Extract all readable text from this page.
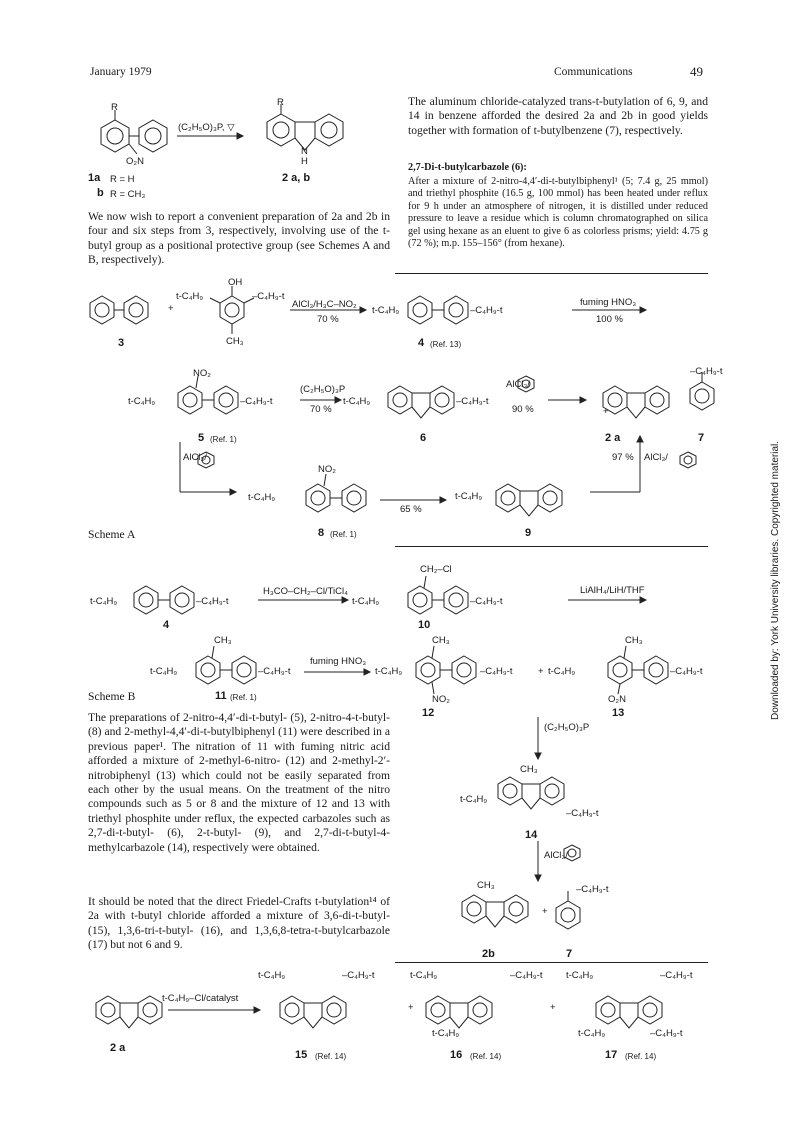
January 1979	Communications	49
R
O₂N
(C₂H₅O)₃P, ▽
R
N
H
1a R = H
b R = CH₃
2 a, b
We now wish to report a convenient preparation of 2a and 2b in four and six steps from 3, respectively, involving use of the t-butyl group as a positional protective group (see Schemes A and B, respectively).
The aluminum chloride-catalyzed trans-t-butylation of 6, 9, and 14 in benzene afforded the desired 2a and 2b in good yields together with formation of t-butylbenzene (7), respectively.
2,7-Di-t-butylcarbazole (6):
After a mixture of 2-nitro-4,4′-di-t-butylbiphenyl¹ (5; 7.4 g, 25 mmol) and triethyl phosphite (16.5 g, 100 mmol) has been heated under reflux for 9 h under an atmosphere of nitrogen, it is distilled under reduced pressure to leave a residue which is column chromatographed on silica gel using hexane as an eluent to give 6 as colorless prisms; yield: 4.75 g (72 %); m.p. 155–156° (from hexane).
+
t-C₄H₉	–C₄H₉-t
OH
CH₃
AlCl₃/H₃C–NO₂
70 %
t-C₄H₉	–C₄H₉-t
fuming HNO₃
100 %
3	4 (Ref. 13)
t-C₄H₉
NO₂
–C₄H₉-t
(C₂H₅O)₃P
70 %
t-C₄H₉	–C₄H₉-t
+
AlCl₃/
90 %
–C₄H₉-t
5 (Ref. 1)	6	2 a	7
AlCl₃/
t-C₄H₉
NO₂
65 %
t-C₄H₉
97 % AlCl₃/
8 (Ref. 1)	9
Scheme A
t-C₄H₉	–C₄H₉-t
H₃CO–CH₂–Cl/TiCl₄
t-C₄H₉
CH₂–Cl
–C₄H₉-t
LiAlH₄/LiH/THF
4	10
CH₃
t-C₄H₉	–C₄H₉-t
fuming HNO₃
t-C₄H₉
CH₃
NO₂
–C₄H₉-t	+ t-C₄H₉
CH₃
O₂N
–C₄H₉-t
Scheme B	11 (Ref. 1)
12	13
(C₂H₅O)₃P
CH₃
t-C₄H₉
–C₄H₉-t
14
AlCl₃/
CH₃	–C₄H₉-t
+
2b	7
The preparations of 2-nitro-4,4′-di-t-butyl- (5), 2-nitro-4-t-butyl- (8) and 2-methyl-4,4′-di-t-butylbiphenyl (11) were described in a previous paper¹. The nitration of 11 with fuming nitric acid afforded a mixture of 2-methyl-6-nitro- (12) and 2-methyl-2′-nitrobiphenyl (13) which could not be easily separated from each other by the usual means. On the treatment of the nitro compounds such as 5 or 8 and the mixture of 12 and 13 with triethyl phosphite under reflux, the expected carbazoles such as 2,7-di-t-butyl- (6), 2-t-butyl- (9), and 2,7-di-t-butyl-4-methylcarbazole (14), respectively were obtained.
It should be noted that the direct Friedel-Crafts t-butylation¹⁴ of 2a with t-butyl chloride afforded a mixture of 3,6-di-t-butyl- (15), 1,3,6-tri-t-butyl- (16), and 1,3,6,8-tetra-t-butylcarbazole (17) but not 6 and 9.
t-C₄H₉–Cl/catalyst
t-C₄H₉	–C₄H₉-t
+
t-C₄H₉	–C₄H₉-t
t-C₄H₉
+
t-C₄H₉	–C₄H₉-t
t-C₄H₉	–C₄H₉-t
2 a
15 (Ref. 14)	16 (Ref. 14)	17 (Ref. 14)
Downloaded by: York University libraries. Copyrighted material.
